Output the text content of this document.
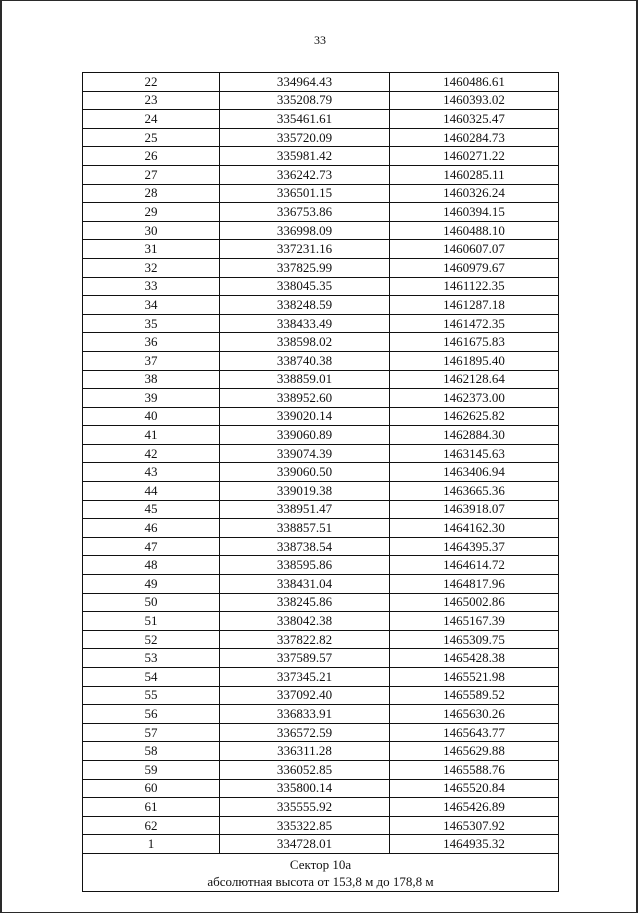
33
22	334964.43	1460486.61
23	335208.79	1460393.02
24	335461.61	1460325.47
25	335720.09	1460284.73
26	335981.42	1460271.22
27	336242.73	1460285.11
28	336501.15	1460326.24
29	336753.86	1460394.15
30	336998.09	1460488.10
31	337231.16	1460607.07
32	337825.99	1460979.67
33	338045.35	1461122.35
34	338248.59	1461287.18
35	338433.49	1461472.35
36	338598.02	1461675.83
37	338740.38	1461895.40
38	338859.01	1462128.64
39	338952.60	1462373.00
40	339020.14	1462625.82
41	339060.89	1462884.30
42	339074.39	1463145.63
43	339060.50	1463406.94
44	339019.38	1463665.36
45	338951.47	1463918.07
46	338857.51	1464162.30
47	338738.54	1464395.37
48	338595.86	1464614.72
49	338431.04	1464817.96
50	338245.86	1465002.86
51	338042.38	1465167.39
52	337822.82	1465309.75
53	337589.57	1465428.38
54	337345.21	1465521.98
55	337092.40	1465589.52
56	336833.91	1465630.26
57	336572.59	1465643.77
58	336311.28	1465629.88
59	336052.85	1465588.76
60	335800.14	1465520.84
61	335555.92	1465426.89
62	335322.85	1465307.92
1	334728.01	1464935.32

Сектор 10а
абсолютная высота от 153,8 м до 178,8 м		
